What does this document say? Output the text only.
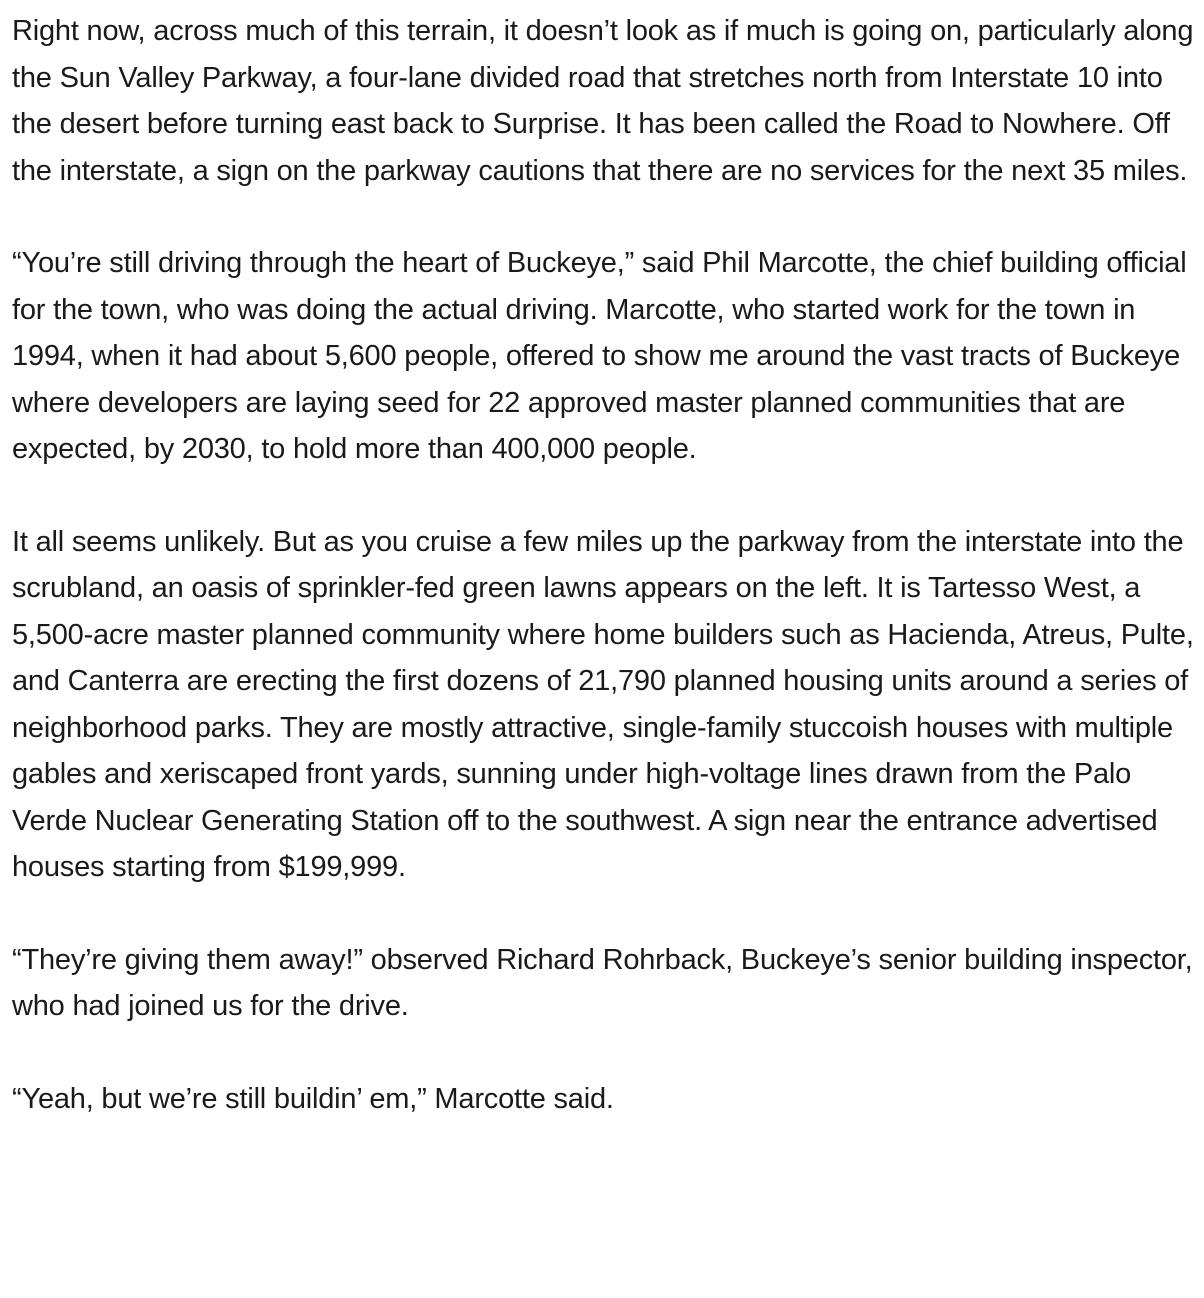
Right now, across much of this terrain, it doesn’t look as if much is going on, particularly along the Sun Valley Parkway, a four-lane divided road that stretches north from Interstate 10 into the desert before turning east back to Surprise. It has been called the Road to Nowhere. Off the interstate, a sign on the parkway cautions that there are no services for the next 35 miles.

“You’re still driving through the heart of Buckeye,” said Phil Marcotte, the chief building official for the town, who was doing the actual driving. Marcotte, who started work for the town in 1994, when it had about 5,600 people, offered to show me around the vast tracts of Buckeye where developers are laying seed for 22 approved master planned communities that are expected, by 2030, to hold more than 400,000 people.

It all seems unlikely. But as you cruise a few miles up the parkway from the interstate into the scrubland, an oasis of sprinkler-fed green lawns appears on the left. It is Tartesso West, a 5,500-acre master planned community where home builders such as Hacienda, Atreus, Pulte, and Canterra are erecting the first dozens of 21,790 planned housing units around a series of neighborhood parks. They are mostly attractive, single-family stuccoish houses with multiple gables and xeriscaped front yards, sunning under high-voltage lines drawn from the Palo Verde Nuclear Generating Station off to the southwest. A sign near the entrance advertised houses starting from $199,999.

“They’re giving them away!” observed Richard Rohrback, Buckeye’s senior building inspector, who had joined us for the drive.

“Yeah, but we’re still buildin’ em,” Marcotte said.
